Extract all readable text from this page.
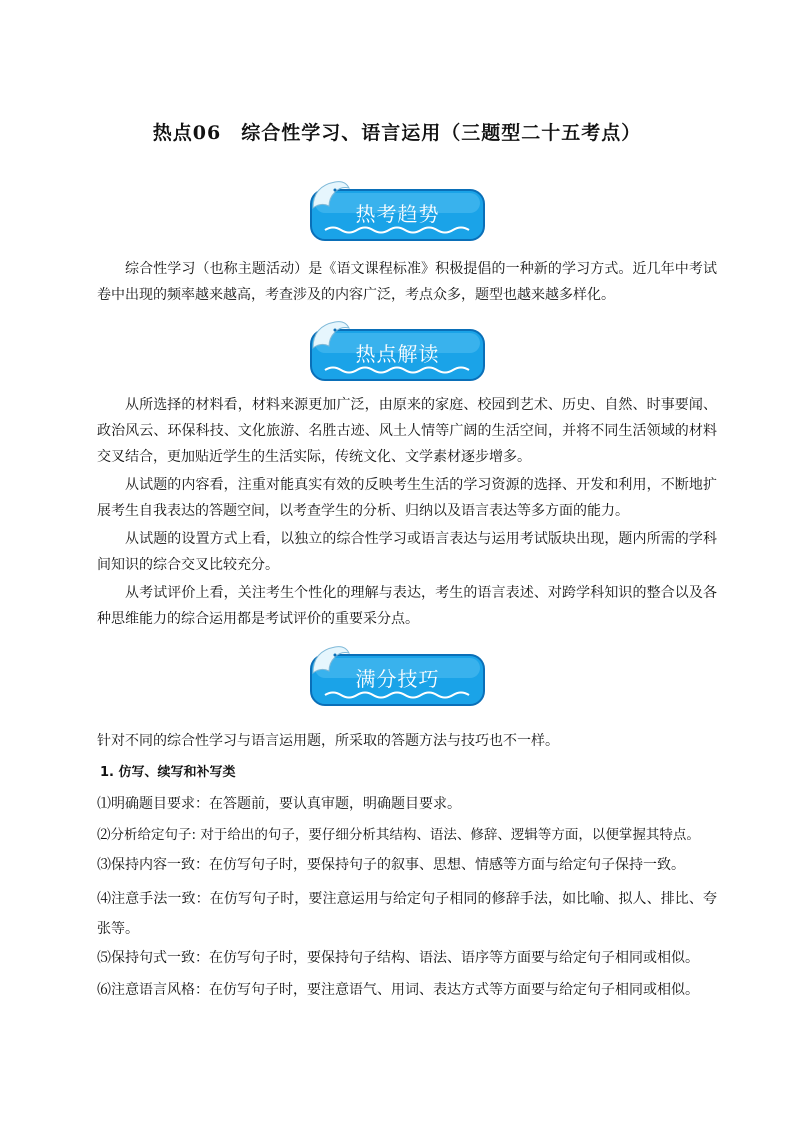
热点06　综合性学习、语言运用（三题型二十五考点）
热考趋势

综合性学习（也称主题活动）是《语文课程标准》积极提倡的一种新的学习方式。近几年中考试卷中出现的频率越来越高，考查涉及的内容广泛，考点众多，题型也越来越多样化。

热点解读

从所选择的材料看，材料来源更加广泛，由原来的家庭、校园到艺术、历史、自然、时事要闻、政治风云、环保科技、文化旅游、名胜古迹、风土人情等广阔的生活空间，并将不同生活领域的材料交叉结合，更加贴近学生的生活实际，传统文化、文学素材逐步增多。

从试题的内容看，注重对能真实有效的反映考生生活的学习资源的选择、开发和利用，不断地扩展考生自我表达的答题空间，以考查学生的分析、归纳以及语言表达等多方面的能力。

从试题的设置方式上看，以独立的综合性学习或语言表达与运用考试版块出现，题内所需的学科间知识的综合交叉比较充分。

从考试评价上看，关注考生个性化的理解与表达，考生的语言表述、对跨学科知识的整合以及各种思维能力的综合运用都是考试评价的重要采分点。

满分技巧

针对不同的综合性学习与语言运用题，所采取的答题方法与技巧也不一样。

1. 仿写、续写和补写类

⑴明确题目要求：在答题前，要认真审题，明确题目要求。

⑵分析给定句子: 对于给出的句子，要仔细分析其结构、语法、修辞、逻辑等方面，以便掌握其特点。

⑶保持内容一致：在仿写句子时，要保持句子的叙事、思想、情感等方面与给定句子保持一致。

⑷注意手法一致：在仿写句子时，要注意运用与给定句子相同的修辞手法，如比喻、拟人、排比、夸张等。

⑸保持句式一致：在仿写句子时，要保持句子结构、语法、语序等方面要与给定句子相同或相似。

⑹注意语言风格：在仿写句子时，要注意语气、用词、表达方式等方面要与给定句子相同或相似。
